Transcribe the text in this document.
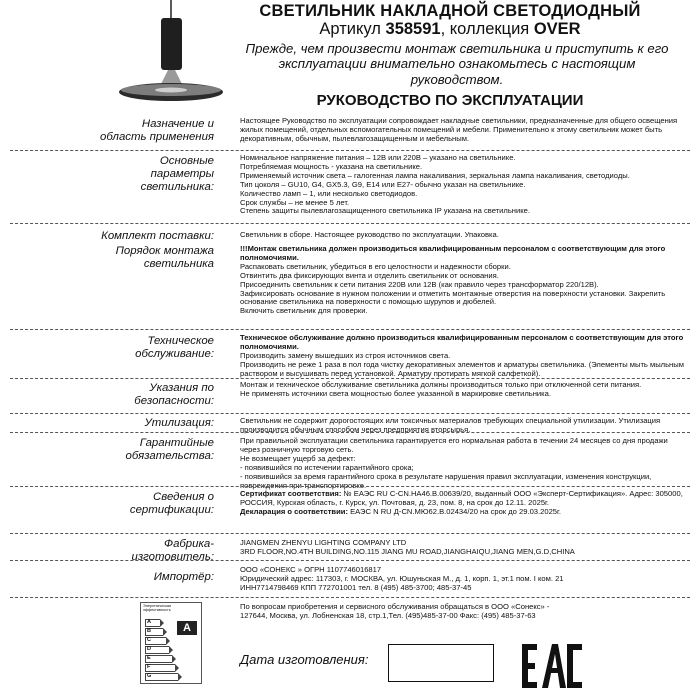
СВЕТИЛЬНИК НАКЛАДНОЙ СВЕТОДИОДНЫЙ
Артикул 358591, коллекция OVER
Прежде, чем произвести монтаж светильника и приступить к его эксплуатации внимательно ознакомьтесь с настоящим руководством.
РУКОВОДСТВО ПО ЭКСПЛУАТАЦИИ
Назначение и область применения
Настоящее Руководство по эксплуатации сопровождает накладные светильники, предназначенные для общего освещения жилых помещений, отдельных вспомогательных помещений и мебели. Применительно к этому светильник может быть декоративным, обычным, пылевлагозащищенным и мебельным.
Основные параметры светильника:

Номинальное напряжение питания – 12В или 220В – указано на светильнике.

Потребляемая мощность - указана на светильнике.

Применяемый источник света – галогенная лампа накаливания, зеркальная лампа накаливания, светодиоды.

Тип цоколя – GU10, G4, GX5.3, G9, E14 или E27- обычно указан на светильнике.

Количество ламп – 1, или несколько светодиодов.

Срок службы – не менее 5 лет.

Степень защиты пылевлагозащищенного светильника IP указана на светильнике.

Комплект поставки:	Светильник в сборе. Настоящее руководство по эксплуатации. Упаковка.
Порядок монтажа светильника

!!!Монтаж светильника должен производиться квалифицированным персоналом с соответствующим для этого полномочиями.

Распаковать светильник, убедиться в его целостности и надежности сборки.

Отвинтить два фиксирующих винта и отделить светильник от основания.

Присоединить светильник к сети питания 220В или 12В (как правило через трансформатор 220/12В).

Зафиксировать основание в нужном положении и отметить монтажные отверстия на поверхности установки. Закрепить основание светильника на поверхности с помощью шурупов и дюбелей.

Включить светильник для проверки.

Техническое обслуживание:

Техническое обслуживание должно производиться квалифицированным персоналом с соответствующим для этого полномочиями.

Производить замену вышедших из строя источников света.

Производить не реже 1 раза в пол года чистку декоративных элементов и арматуры светильника. (Элементы мыть мыльным раствором и высушивать перед установкой. Арматуру протирать мягкой салфеткой).

Указания по безопасности:

Монтаж и техническое обслуживание светильника должны производиться только при отключенной сети питания.

Не применять источники света мощностью более указанной в маркировке светильника.

Утилизация:	Светильник не содержит дорогостоящих или токсичных материалов требующих специальной утилизации. Утилизация производится обычным способом через предприятия вторсырья.
Гарантийные обязательства:

При правильной эксплуатации светильника гарантируется его нормальная работа в течении 24 месяцев со дня продажи через розничную торговую сеть.

Не возмещает ущерб за дефект:

- появившийся по истечении гарантийного срока;

- появившийся за время гарантийного срока в результате нарушения правил эксплуатации, изменения конструкции, повреждения при транспортировке.

Сведения о сертификации:

Сертификат соответствия: № ЕАЭС RU С-CN.НА46.В.00639/20, выданный ООО «Эксперт-Сертификация». Адрес: 305000, РОССИЯ, Курская область, г. Курск, ул. Почтовая, д. 23, пом. 8, на срок до 12.11. 2025г.

Декларация о соответствии: ЕАЭС N RU Д-CN.МЮ62.В.02434/20 на срок до 29.03.2025г.

Фабрика-изготовитель:

JIANGMEN ZHENYU LIGHTING COMPANY LTD

3RD FLOOR,NO.4TH BUILDING,NO.115 JIANG MU ROAD,JIANGHAIQU,JIANG MEN,G.D,CHINA

Импортёр:

ООО «СОНЕКС » ОГРН 1107746016817

Юридический адрес: 117303, г. МОСКВА, ул. Юшуньская М., д. 1, корп. 1, эт.1 пом. I ком. 21

ИНН7714798469 КПП 772701001 тел. 8 (495) 485-3700; 485-37-45

По вопросам приобретения и сервисного обслуживания обращаться в ООО «Сонекс» -

127644, Москва, ул. Лобненская 18, стр.1,Тел. (495)485-37-00 Факс: (495) 485-37-63

Энергетическая эффективность
A
B
C
D
E
F
G
A
Дата изготовления:
